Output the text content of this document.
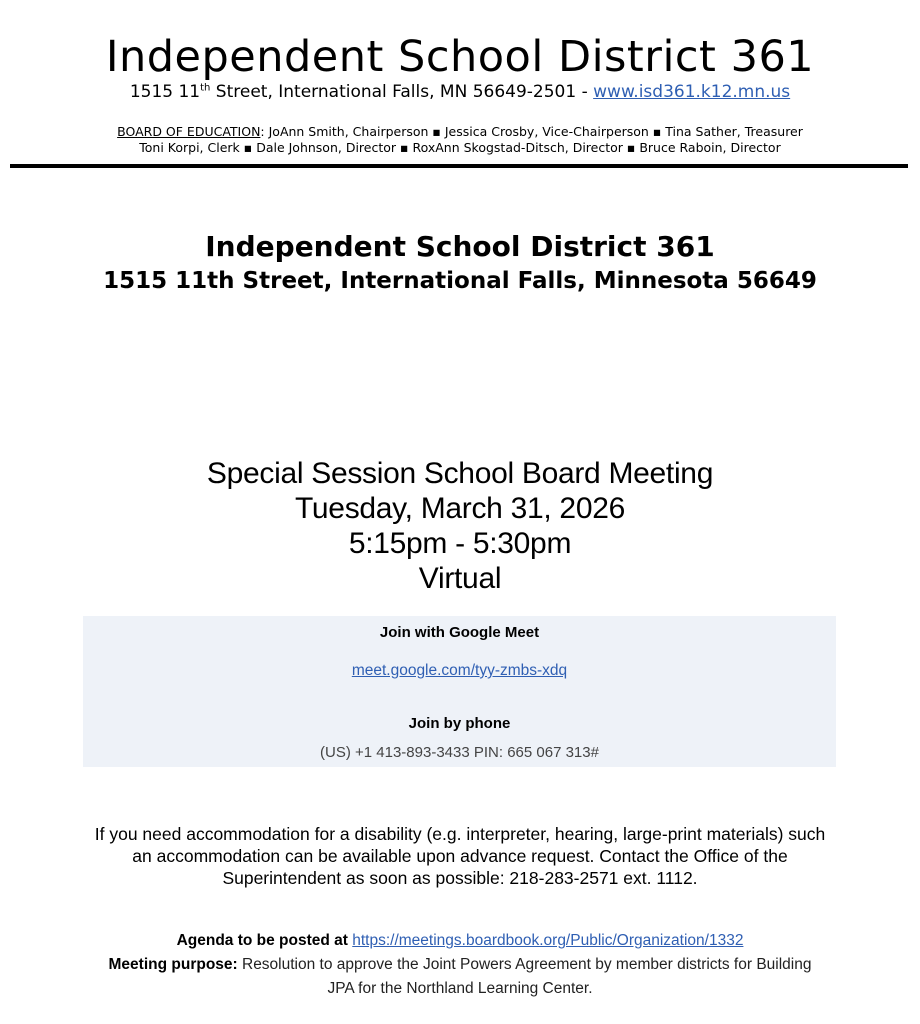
Independent School District 361
1515 11th Street, International Falls, MN 56649-2501 - www.isd361.k12.mn.us
BOARD OF EDUCATION: JoAnn Smith, Chairperson ▪ Jessica Crosby, Vice-Chairperson ▪ Tina Sather, Treasurer
Toni Korpi, Clerk ▪ Dale Johnson, Director ▪ RoxAnn Skogstad-Ditsch, Director ▪ Bruce Raboin, Director
Independent School District 361
1515 11th Street, International Falls, Minnesota 56649
Special Session School Board Meeting
Tuesday, March 31, 2026
5:15pm - 5:30pm
Virtual
Join with Google Meet
meet.google.com/tyy-zmbs-xdq
Join by phone
(US) +1 413-893-3433 PIN: 665 067 313#
If you need accommodation for a disability (e.g. interpreter, hearing, large-print materials) such
an accommodation can be available upon advance request. Contact the Office of the
Superintendent as soon as possible: 218-283-2571 ext. 1112.
Agenda to be posted at https://meetings.boardbook.org/Public/Organization/1332
Meeting purpose: Resolution to approve the Joint Powers Agreement by member districts for Building
JPA for the Northland Learning Center.
